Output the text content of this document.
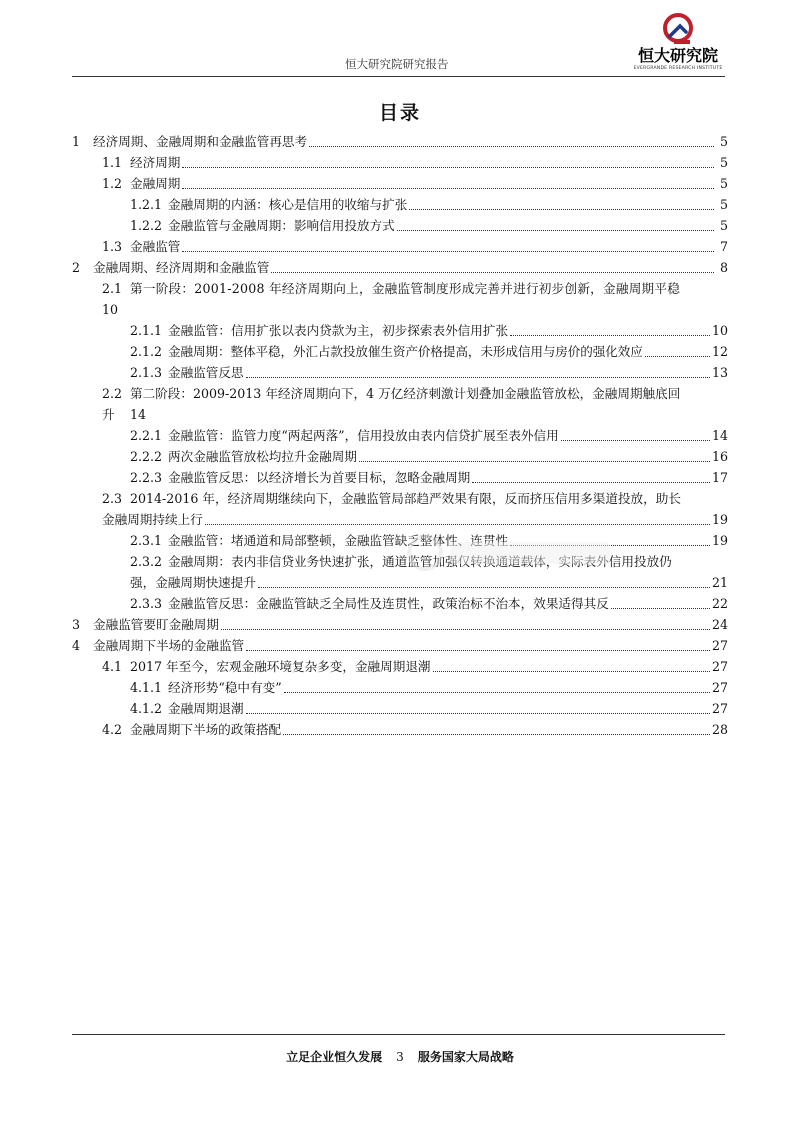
恒大研究院
EVERGRANDE RESEARCH INSTITUTE
恒大研究院研究报告
目录
1	经济周期、金融周期和金融监管再思考	5
1.1 经济周期	5
1.2 金融周期	5
1.2.1 金融周期的内涵：核心是信用的收缩与扩张	5
1.2.2 金融监管与金融周期：影响信用投放方式	5
1.3 金融监管	7
2	金融周期、经济周期和金融监管	8
2.1 第一阶段：2001-2008 年经济周期向上，金融监管制度形成完善并进行初步创新，金融周期平稳
10
2.1.1 金融监管：信用扩张以表内贷款为主，初步探索表外信用扩张	10
2.1.2 金融周期：整体平稳，外汇占款投放催生资产价格提高，未形成信用与房价的强化效应	12
2.1.3 金融监管反思	13
2.2 第二阶段：2009-2013 年经济周期向下，4 万亿经济刺激计划叠加金融监管放松，金融周期触底回
升 14
2.2.1 金融监管：监管力度“两起两落”，信用投放由表内信贷扩展至表外信用	14
2.2.2 两次金融监管放松均拉升金融周期	16
2.2.3 金融监管反思：以经济增长为首要目标，忽略金融周期	17
2.3 2014-2016 年，经济周期继续向下，金融监管局部趋严效果有限，反而挤压信用多渠道投放，助长
金融周期持续上行	19
2.3.1 金融监管：堵通道和局部整顿，金融监管缺乏整体性、连贯性	19
2.3.2 金融周期：表内非信贷业务快速扩张，通道监管加强仅转换通道载体，实际表外信用投放仍
强，金融周期快速提升	21
2.3.3 金融监管反思：金融监管缺乏全局性及连贯性，政策治标不治本，效果适得其反	22
3	金融监管要盯金融周期	24
4	金融周期下半场的金融监管	27
4.1 2017 年至今，宏观金融环境复杂多变，金融周期退潮	27
4.1.1 经济形势“稳中有变”	27
4.1.2 金融周期退潮	27
4.2 金融周期下半场的政策搭配	28
立足企业恒久发展 3 服务国家大局战略
